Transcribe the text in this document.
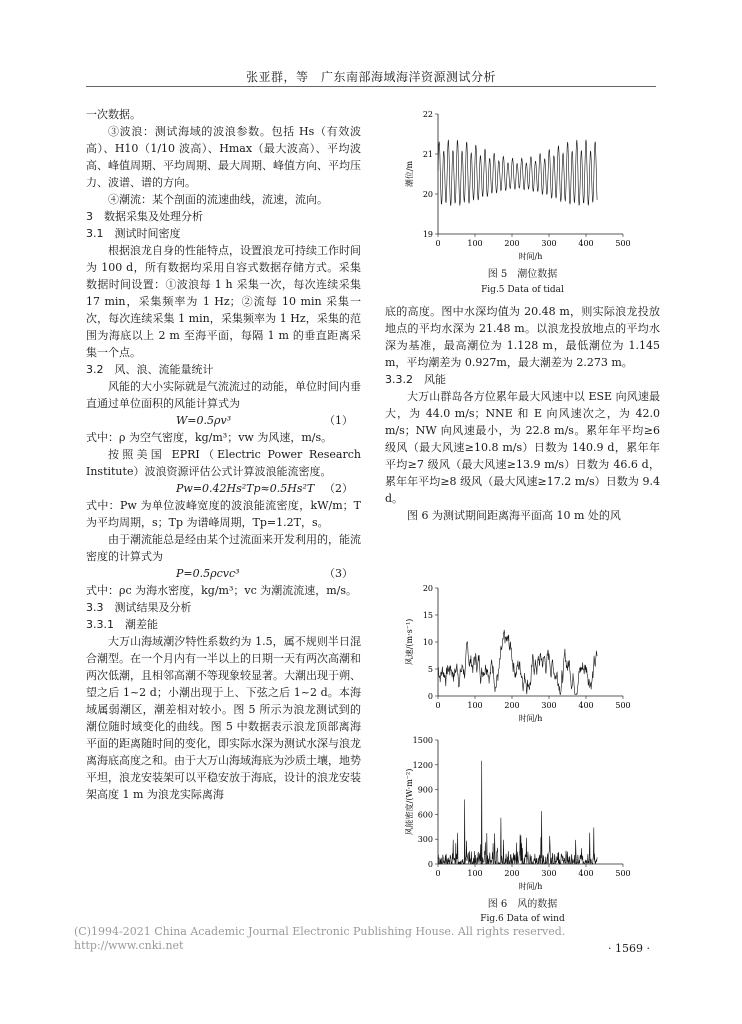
张亚群，等　广东南部海域海洋资源测试分析

一次数据。

③波浪：测试海域的波浪参数。包括 Hs（有效波高）、H10（1/10 波高）、Hmax（最大波高）、平均波高、峰值周期、平均周期、最大周期、峰值方向、平均压力、波谱、谱的方向。

④潮流：某个剖面的流速曲线，流速，流向。

3　数据采集及处理分析

3.1　测试时间密度

根据浪龙自身的性能特点，设置浪龙可持续工作时间为 100 d，所有数据均采用自容式数据存储方式。采集数据时间设置：①波浪每 1 h 采集一次，每次连续采集 17 min，采集频率为 1 Hz；②流每 10 min 采集一次，每次连续采集 1 min，采集频率为 1 Hz，采集的范围为海底以上 2 m 至海平面，每隔 1 m 的垂直距离采集一个点。

3.2　风、浪、流能量统计

风能的大小实际就是气流流过的动能，单位时间内垂直通过单位面积的风能计算式为

W=0.5ρv³	（1）

式中：ρ 为空气密度，kg/m³；vw 为风速，m/s。

按照美国 EPRI（Electric Power Research Institute）波浪资源评估公式计算波浪能流密度。

Pw=0.42Hs²Tp≈0.5Hs²T （2）

式中：Pw 为单位波峰宽度的波浪能流密度，kW/m；T 为平均周期，s；Tp 为谱峰周期，Tp=1.2T，s。

由于潮流能总是经由某个过流面来开发利用的，能流密度的计算式为

P=0.5ρcvc³	（3）

式中：ρc 为海水密度，kg/m³；vc 为潮流流速，m/s。

3.3　测试结果及分析

3.3.1　潮差能

大万山海域潮汐特性系数约为 1.5，属不规则半日混合潮型。在一个月内有一半以上的日期一天有两次高潮和两次低潮，且相邻高潮不等现象较显著。大潮出现于朔、望之后 1~2 d；小潮出现于上、下弦之后 1~2 d。本海域属弱潮区，潮差相对较小。图 5 所示为浪龙测试到的潮位随时域变化的曲线。图 5 中数据表示浪龙顶部离海平面的距离随时间的变化，即实际水深为测试水深与浪龙离海底高度之和。由于大万山海域海底为沙质土壤，地势平坦，浪龙安装架可以平稳安放于海底，设计的浪龙安装架高度 1 m 为浪龙实际离海

0	100	200	300	400	500
19
20
21
22
时间/h
潮位/m
图 5　潮位数据
Fig.5 Data of tidal

底的高度。图中水深均值为 20.48 m，则实际浪龙投放地点的平均水深为 21.48 m。以浪龙投放地点的平均水深为基准，最高潮位为 1.128 m，最低潮位为 1.145 m，平均潮差为 0.927m，最大潮差为 2.273 m。

3.3.2　风能

大万山群岛各方位累年最大风速中以 ESE 向风速最大，为 44.0 m/s；NNE 和 E 向风速次之，为 42.0 m/s；NW 向风速最小，为 22.8 m/s。累年年平均≥6 级风（最大风速≥10.8 m/s）日数为 140.9 d，累年年平均≥7 级风（最大风速≥13.9 m/s）日数为 46.6 d，累年年平均≥8 级风（最大风速≥17.2 m/s）日数为 9.4 d。

图 6 为测试期间距离海平面高 10 m 处的风

0	100	200	300	400	500
0
5
10
15
20
时间/h
风速/(m·s⁻¹)
0	100	200	300	400	500
0
300
600
900
1200
1500
时间/h
风能密度/(W·m⁻²)
图 6　风的数据
Fig.6 Data of wind
(C)1994-2021 China Academic Journal Electronic Publishing House. All rights reserved.　http://www.cnki.net	· 1569 ·
